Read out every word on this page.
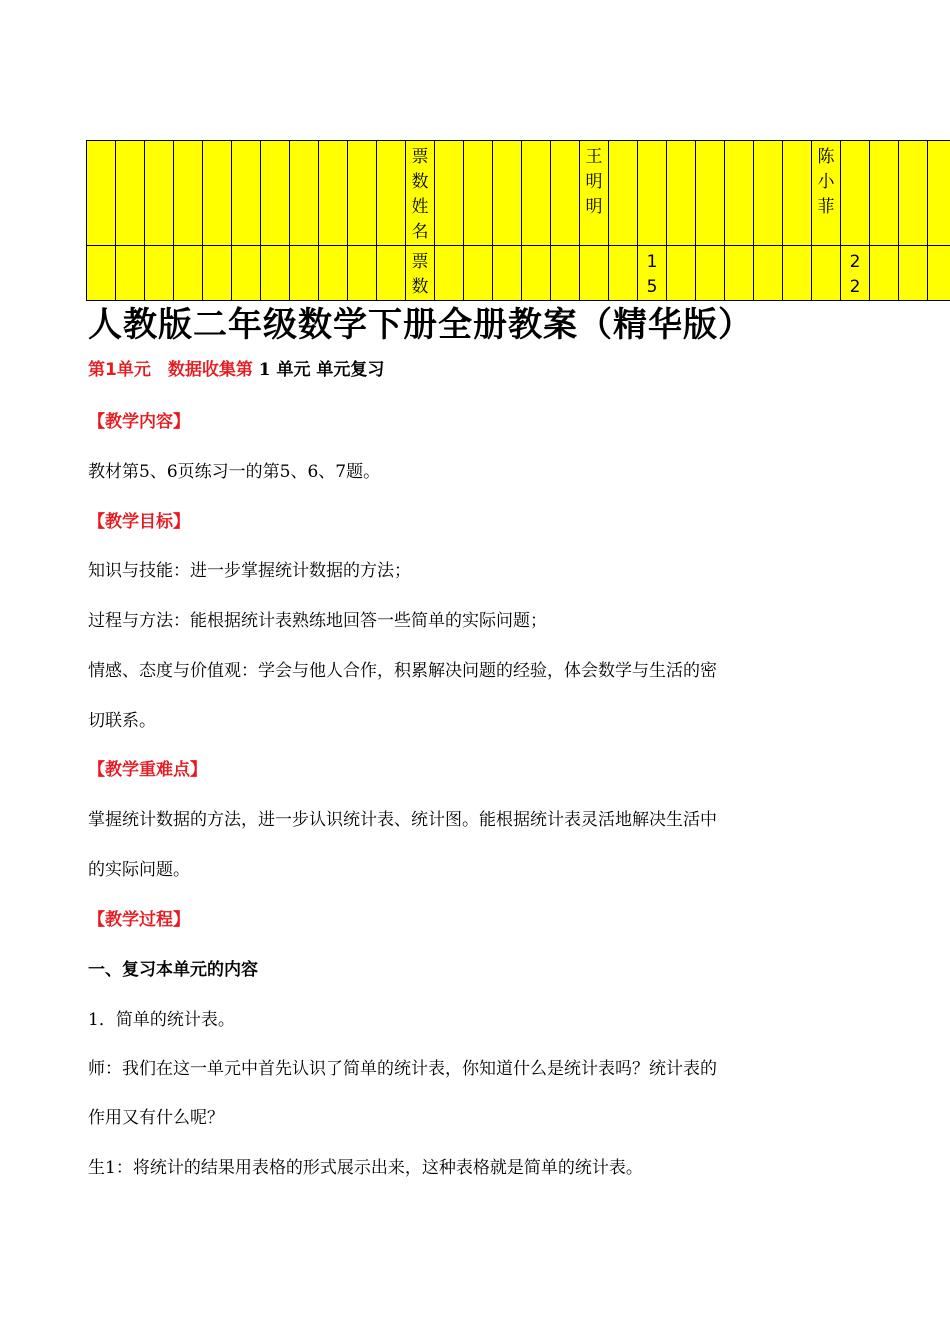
											票数姓名						王明明								陈小菲				

											票数								15							22			

人教版二年级数学下册全册教案（精华版）

第1单元　数据收集第 1 单元 单元复习

【教学内容】

教材第5、6页练习一的第5、6、7题。

【教学目标】

知识与技能：进一步掌握统计数据的方法；

过程与方法：能根据统计表熟练地回答一些简单的实际问题；

情感、态度与价值观：学会与他人合作，积累解决问题的经验，体会数学与生活的密

切联系。

【教学重难点】

掌握统计数据的方法，进一步认识统计表、统计图。能根据统计表灵活地解决生活中

的实际问题。

【教学过程】

一、复习本单元的内容

1．简单的统计表。

师：我们在这一单元中首先认识了简单的统计表，你知道什么是统计表吗？统计表的

作用又有什么呢？

生1：将统计的结果用表格的形式展示出来，这种表格就是简单的统计表。
